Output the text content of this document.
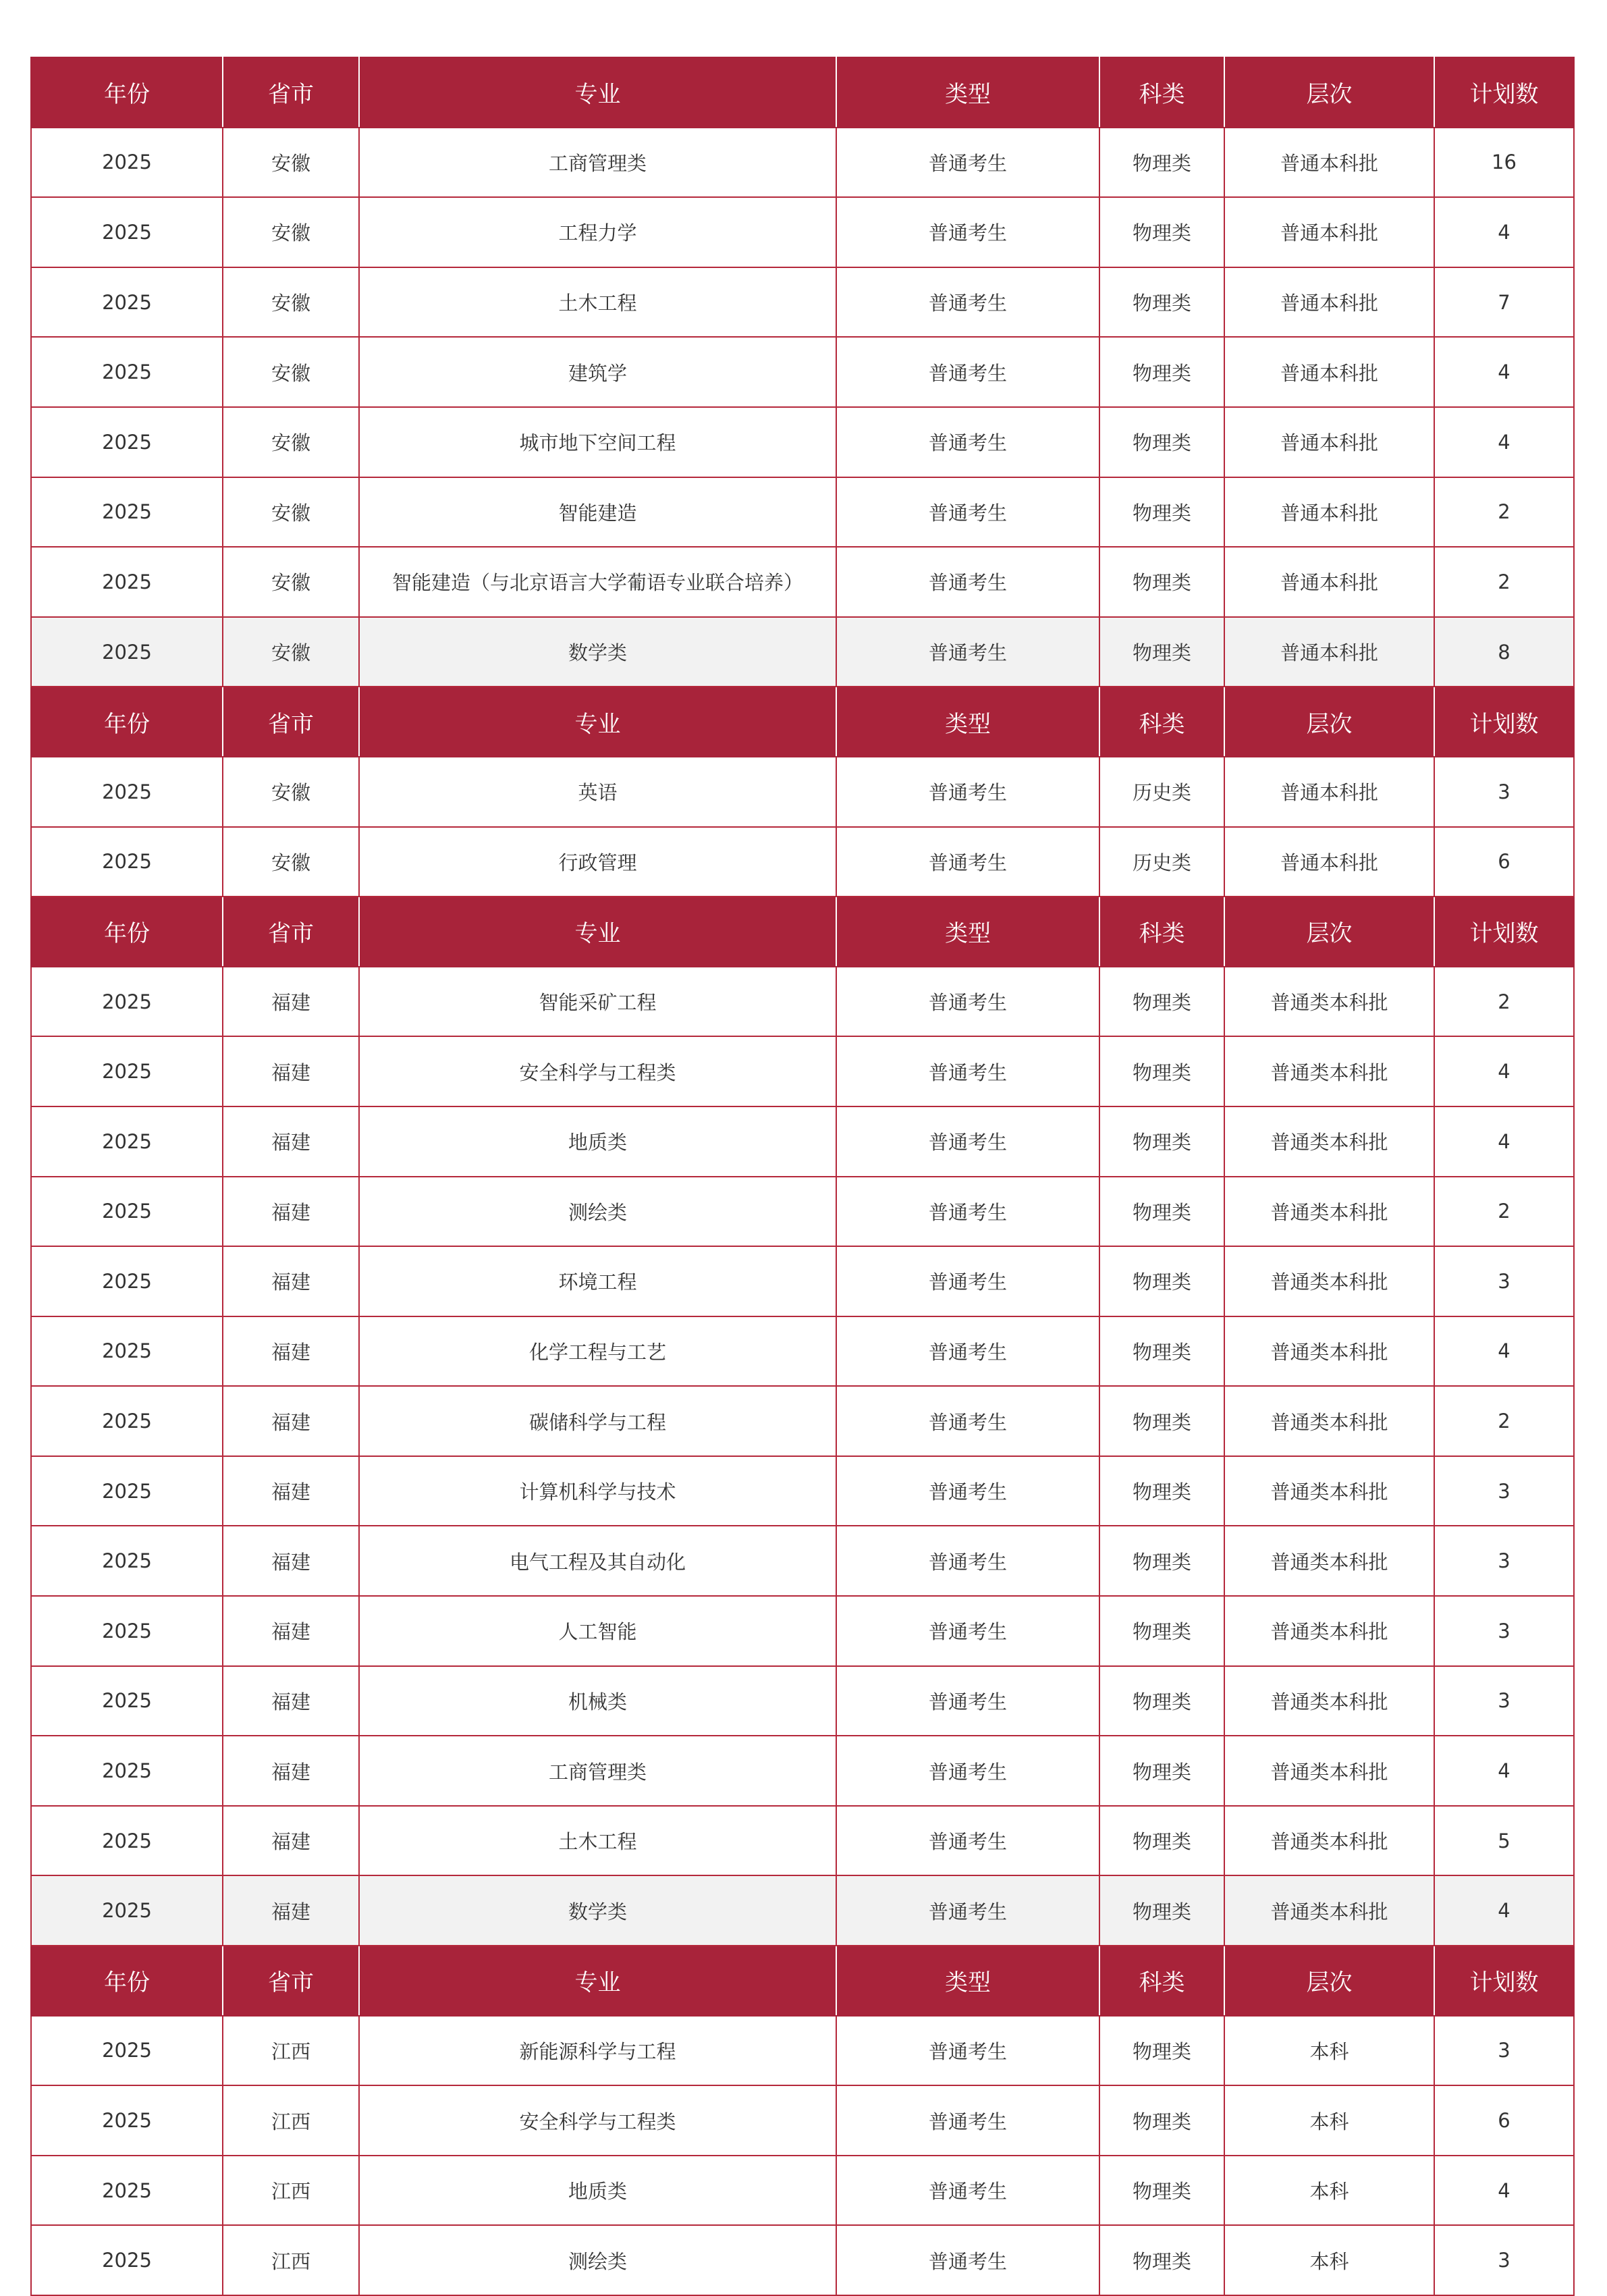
年份	省市	专业	类型	科类	层次	计划数
2025	安徽	工商管理类	普通考生	物理类	普通本科批	16
2025	安徽	工程力学	普通考生	物理类	普通本科批	4
2025	安徽	土木工程	普通考生	物理类	普通本科批	7
2025	安徽	建筑学	普通考生	物理类	普通本科批	4
2025	安徽	城市地下空间工程	普通考生	物理类	普通本科批	4
2025	安徽	智能建造	普通考生	物理类	普通本科批	2
2025	安徽	智能建造（与北京语言大学葡语专业联合培养）	普通考生	物理类	普通本科批	2
2025	安徽	数学类	普通考生	物理类	普通本科批	8
年份	省市	专业	类型	科类	层次	计划数
2025	安徽	英语	普通考生	历史类	普通本科批	3
2025	安徽	行政管理	普通考生	历史类	普通本科批	6
年份	省市	专业	类型	科类	层次	计划数
2025	福建	智能采矿工程	普通考生	物理类	普通类本科批	2
2025	福建	安全科学与工程类	普通考生	物理类	普通类本科批	4
2025	福建	地质类	普通考生	物理类	普通类本科批	4
2025	福建	测绘类	普通考生	物理类	普通类本科批	2
2025	福建	环境工程	普通考生	物理类	普通类本科批	3
2025	福建	化学工程与工艺	普通考生	物理类	普通类本科批	4
2025	福建	碳储科学与工程	普通考生	物理类	普通类本科批	2
2025	福建	计算机科学与技术	普通考生	物理类	普通类本科批	3
2025	福建	电气工程及其自动化	普通考生	物理类	普通类本科批	3
2025	福建	人工智能	普通考生	物理类	普通类本科批	3
2025	福建	机械类	普通考生	物理类	普通类本科批	3
2025	福建	工商管理类	普通考生	物理类	普通类本科批	4
2025	福建	土木工程	普通考生	物理类	普通类本科批	5
2025	福建	数学类	普通考生	物理类	普通类本科批	4
年份	省市	专业	类型	科类	层次	计划数
2025	江西	新能源科学与工程	普通考生	物理类	本科	3
2025	江西	安全科学与工程类	普通考生	物理类	本科	6
2025	江西	地质类	普通考生	物理类	本科	4
2025	江西	测绘类	普通考生	物理类	本科	3
